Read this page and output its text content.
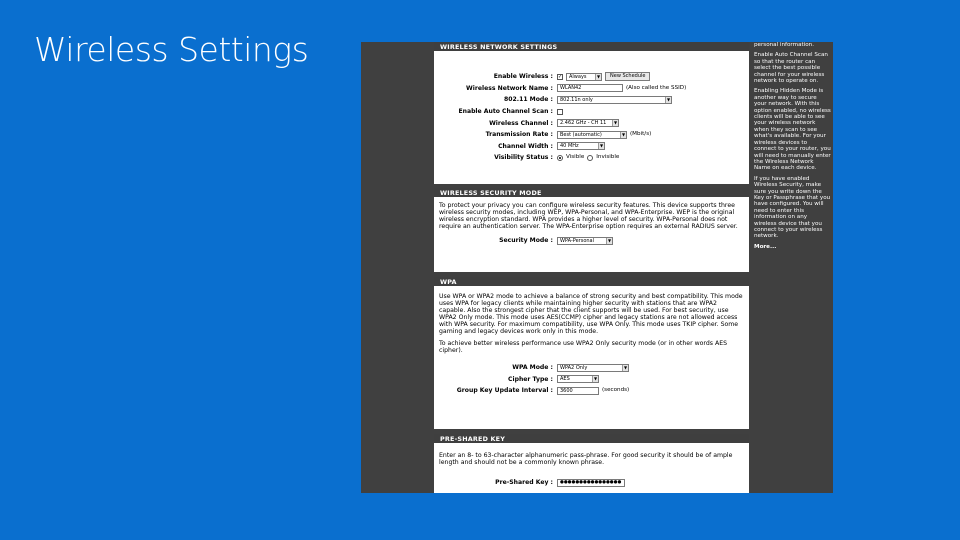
Wireless Settings	WIRELESS NETWORK SETTINGS
Enable Wireless :	✓	Always	▼	New Schedule
Wireless Network Name :	WLAN42	(Also called the SSID)
802.11 Mode :	802.11n only	▼
Enable Auto Channel Scan :
Wireless Channel :	2.462 GHz - CH 11	▼
Transmission Rate :	Best (automatic)	▼ (Mbit/s)
Channel Width :	40 MHz	▼
Visibility Status :	Visible Invisible
WIRELESS SECURITY MODE

To protect your privacy you can configure wireless security features. This device supports three wireless security modes, including WEP, WPA-Personal, and WPA-Enterprise. WEP is the original wireless encryption standard. WPA provides a higher level of security. WPA-Personal does not require an authentication server. The WPA-Enterprise option requires an external RADIUS server.

Security Mode :	WPA-Personal	▼
WPA

Use WPA or WPA2 mode to achieve a balance of strong security and best compatibility. This mode uses WPA for legacy clients while maintaining higher security with stations that are WPA2 capable. Also the strongest cipher that the client supports will be used. For best security, use WPA2 Only mode. This mode uses AES(CCMP) cipher and legacy stations are not allowed access with WPA security. For maximum compatibility, use WPA Only. This mode uses TKIP cipher. Some gaming and legacy devices work only in this mode.

To achieve better wireless performance use WPA2 Only security mode (or in other words AES cipher).

WPA Mode :	WPA2 Only	▼
Cipher Type :	AES	▼
Group Key Update Interval :	3600	(seconds)
PRE-SHARED KEY

Enter an 8- to 63-character alphanumeric pass-phrase. For good security it should be of ample length and should not be a commonly known phrase.

Pre-Shared Key :	●●●●●●●●●●●●●●●●

personal information.

Enable Auto Channel Scan so that the router can select the best possible channel for your wireless network to operate on.

Enabling Hidden Mode is another way to secure your network. With this option enabled, no wireless clients will be able to see your wireless network when they scan to see what's available. For your wireless devices to connect to your router, you will need to manually enter the Wireless Network Name on each device.

If you have enabled Wireless Security, make sure you write down the Key or Passphrase that you have configured. You will need to enter this information on any wireless device that you connect to your wireless network.

More...
